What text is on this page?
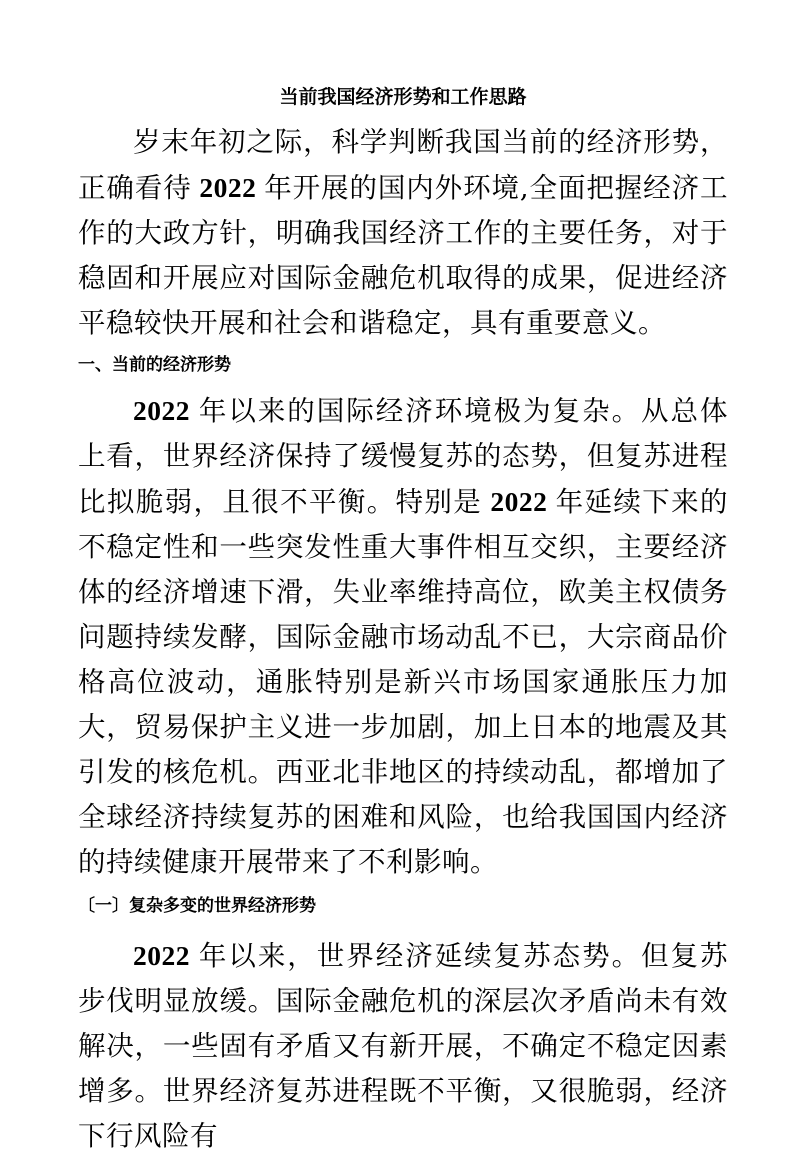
当前我国经济形势和工作思路

岁末年初之际，科学判断我国当前的经济形势，正确看待 2022 年开展的国内外环境,全面把握经济工作的大政方针，明确我国经济工作的主要任务，对于稳固和开展应对国际金融危机取得的成果，促进经济平稳较快开展和社会和谐稳定，具有重要意义。

一、当前的经济形势

2022 年以来的国际经济环境极为复杂。从总体上看，世界经济保持了缓慢复苏的态势，但复苏进程比拟脆弱，且很不平衡。特别是 2022 年延续下来的不稳定性和一些突发性重大事件相互交织，主要经济体的经济增速下滑，失业率维持高位，欧美主权债务问题持续发酵，国际金融市场动乱不已，大宗商品价格高位波动，通胀特别是新兴市场国家通胀压力加大，贸易保护主义进一步加剧，加上日本的地震及其引发的核危机。西亚北非地区的持续动乱，都增加了全球经济持续复苏的困难和风险，也给我国国内经济的持续健康开展带来了不利影响。

〔一〕复杂多变的世界经济形势

2022 年以来，世界经济延续复苏态势。但复苏步伐明显放缓。国际金融危机的深层次矛盾尚未有效解决，一些固有矛盾又有新开展，不确定不稳定因素增多。世界经济复苏进程既不平衡，又很脆弱，经济下行风险有
